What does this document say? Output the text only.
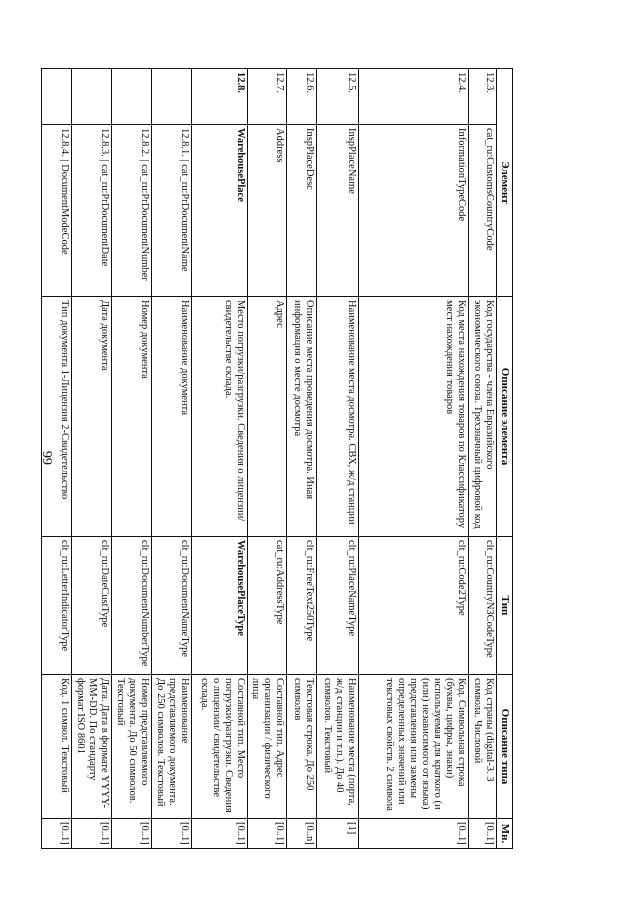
66
Элемент		Описание элемента	Тип	Описание типа	Мн.
12.3.	cat_ru:CustomsCountryCode	Код государства - члена Евразийского экономического союза. Трехзначный цифровой код	clt_ru:CountryN3CodeType	Код страны (digital-3. 3 символа. Числовой	[0..1]
12.4.	InformationTypeCode	Код места нахождения товаров по Классификатору мест нахождения товаров	clt_ru:Code2Type	Код. Символьная строка (буквы, цифры, знаки) используемая для краткого (и (или) независимого от языка) представления или замены определенных значений или текстовых свойств. 2 символа	[0..1]
12.5.	InspPlaceName	Наименование места досмотра. СВХ, ж/д станции	clt_ru:PlaceNameType	Наименование места (порта, ж/д станции и т.п.). До 40 символов. Текстовый	[1]
12.6.	InspPlaceDesc	Описание места проведения досмотра. Иная информация о месте досмотра	clt_ru:FreeText250Type	Текстовая строка. До 250 символов	[0..n]
12.7.	Address	Адрес	cat_ru:AddressType	Составной тип. Адрес организации / физического лица	[0..1]
12.8.	WarehousePlace	Место погрузки/разгрузки. Сведения о лицензии/ свидетельстве склада.	WarehousePlaceType	Составной тип. Место погрузки/разгрузки. Сведения о лицензии/ свидетельстве склада.	[0..1]
	12.8.1. | cat_ru:PrDocumentName	Наименование документа	clt_ru:DocumentNameType	Наименование представляемого документа. До 250 символов. Текстовый	[0..1]
	12.8.2. | cat_ru:PrDocumentNumber	Номер документа	clt_ru:DocumentNumberType	Номер представляемого документа. До 50 символов. Текстовый	[0..1]
	12.8.3. | cat_ru:PrDocumentDate	Дата документа	clt_ru:DateCustType	Дата. Дата в формате YYYY-MM-DD. По стандарту формат ISO 8601	[0..1]
	12.8.4. | DocumentModeCode	Тип документа 1-Лицензия 2-Свидетельство	clt_ru:LetterIndicatorType	Код. 1 символ. Текстовый	[0..1]
